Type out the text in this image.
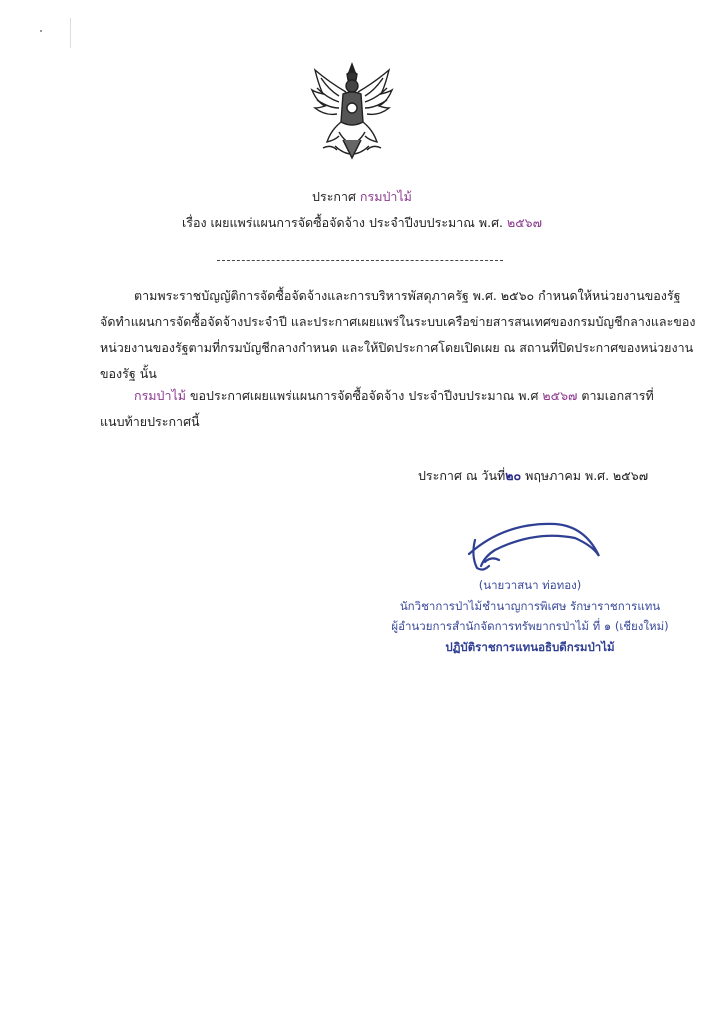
ประกาศ กรมป่าไม้
เรื่อง เผยแพร่แผนการจัดซื้อจัดจ้าง ประจำปีงบประมาณ พ.ศ. ๒๕๖๗
ตามพระราชบัญญัติการจัดซื้อจัดจ้างและการบริหารพัสดุภาครัฐ พ.ศ. ๒๕๖๐ กำหนดให้หน่วยงานของรัฐ
จัดทำแผนการจัดซื้อจัดจ้างประจำปี และประกาศเผยแพร่ในระบบเครือข่ายสารสนเทศของกรมบัญชีกลางและของ
หน่วยงานของรัฐตามที่กรมบัญชีกลางกำหนด และให้ปิดประกาศโดยเปิดเผย ณ สถานที่ปิดประกาศของหน่วยงาน
ของรัฐ นั้น
กรมป่าไม้ ขอประกาศเผยแพร่แผนการจัดซื้อจัดจ้าง ประจำปีงบประมาณ พ.ศ ๒๕๖๗ ตามเอกสารที่
แนบท้ายประกาศนี้
ประกาศ ณ วันที่๒๐ พฤษภาคม พ.ศ. ๒๕๖๗
(นายวาสนา ท่อทอง)
นักวิชาการป่าไม้ชำนาญการพิเศษ รักษาราชการแทน
ผู้อำนวยการสำนักจัดการทรัพยากรป่าไม้ ที่ ๑ (เชียงใหม่)
ปฏิบัติราชการแทนอธิบดีกรมป่าไม้
